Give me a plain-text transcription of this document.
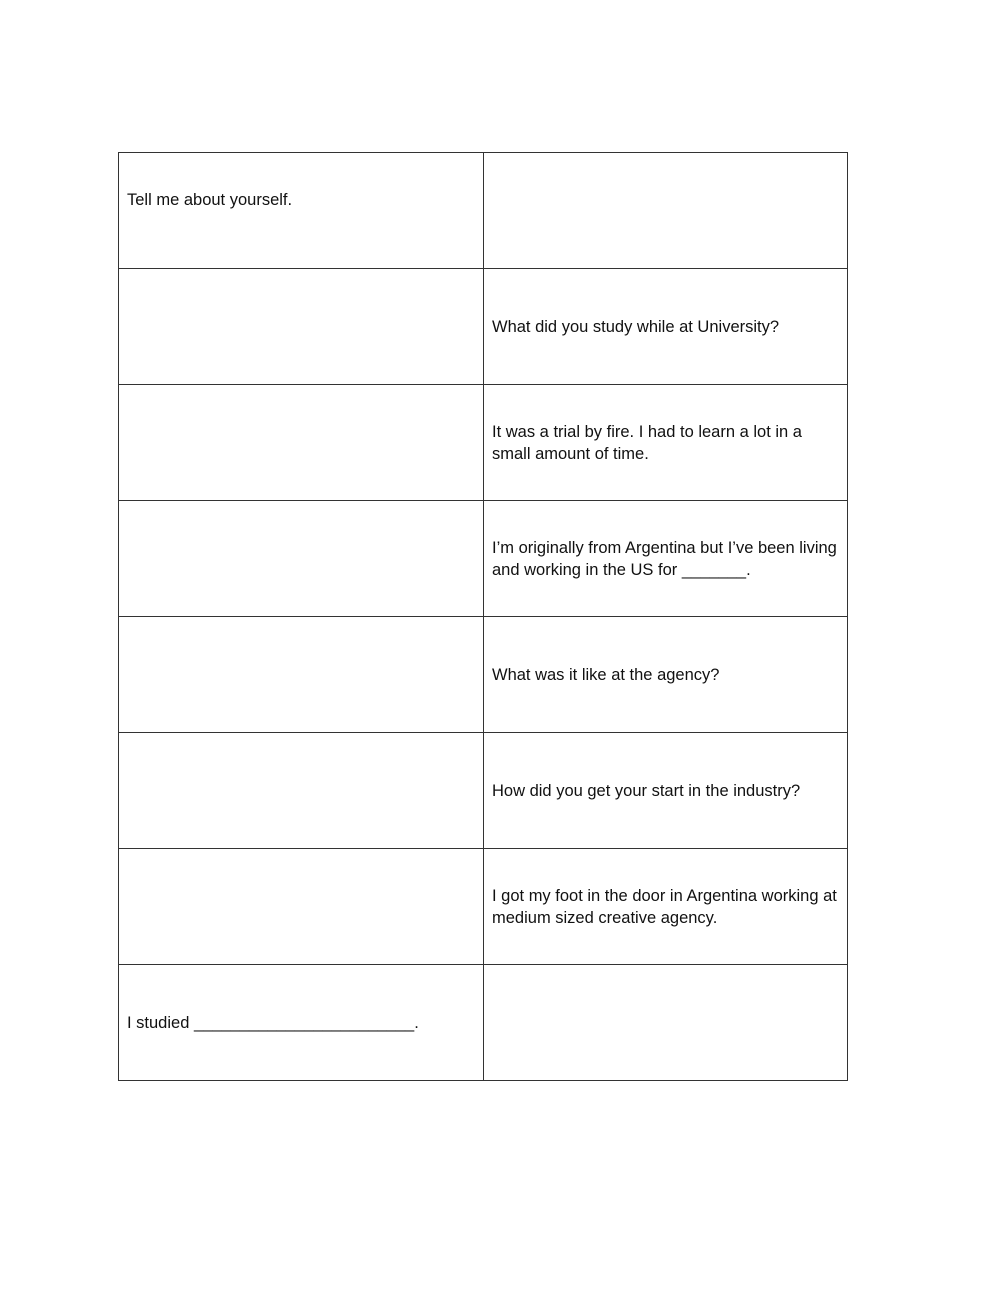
Tell me about yourself.	

	What did you study while at University?

	It was a trial by fire. I had to learn a lot in a small amount of time.

	I’m originally from Argentina but I’ve been living and working in the US for _______.

	What was it like at the agency?

	How did you get your start in the industry?

	I got my foot in the door in Argentina working at medium sized creative agency.

I studied ________________________.	
